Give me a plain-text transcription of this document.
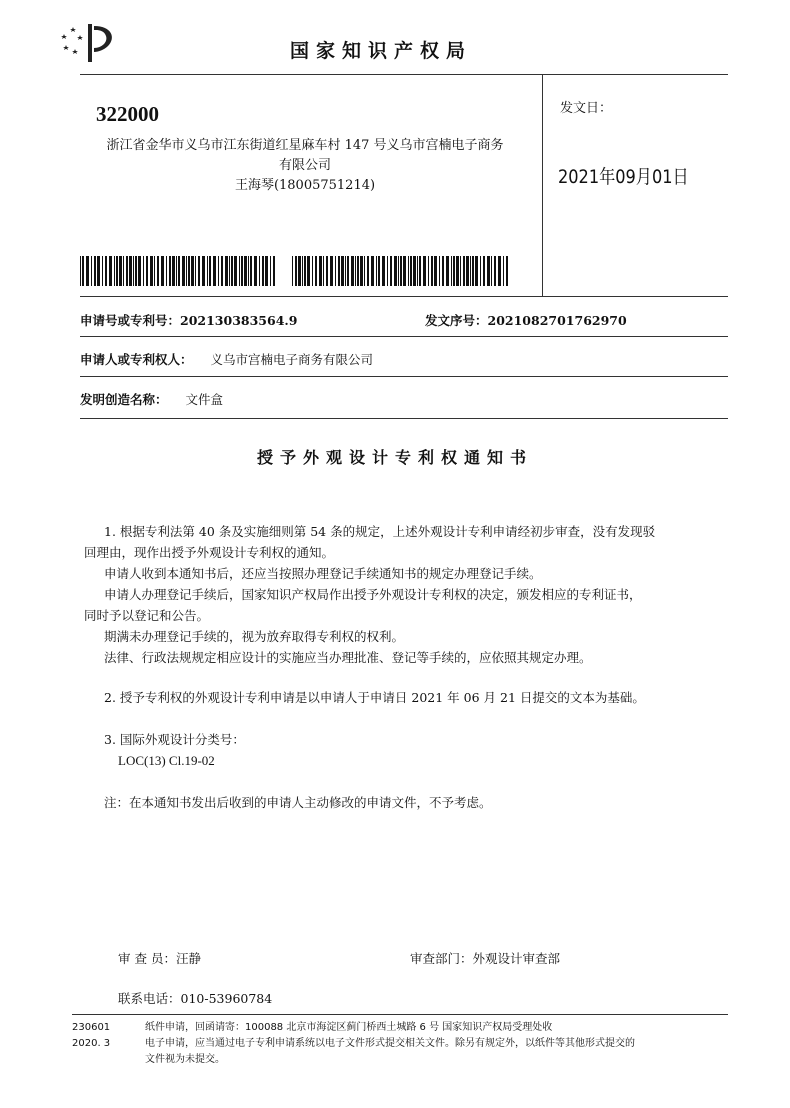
国家知识产权局
322000
浙江省金华市义乌市江东街道红星麻车村 147 号义乌市宫楠电子商务
有限公司
王海琴(18005751214)
发文日：
2021年09月01日
申请号或专利号：202130383564.9	发文序号：2021082701762970
申请人或专利权人： 义乌市宫楠电子商务有限公司
发明创造名称： 文件盒
授予外观设计专利权通知书
1. 根据专利法第 40 条及实施细则第 54 条的规定，上述外观设计专利申请经初步审查，没有发现驳
回理由，现作出授予外观设计专利权的通知。
申请人收到本通知书后，还应当按照办理登记手续通知书的规定办理登记手续。
申请人办理登记手续后，国家知识产权局作出授予外观设计专利权的决定，颁发相应的专利证书，
同时予以登记和公告。
期满未办理登记手续的，视为放弃取得专利权的权利。
法律、行政法规规定相应设计的实施应当办理批准、登记等手续的，应依照其规定办理。
2. 授予专利权的外观设计专利申请是以申请人于申请日 2021 年 06 月 21 日提交的文本为基础。
3. 国际外观设计分类号：
LOC(13) Cl.19-02
注：在本通知书发出后收到的申请人主动修改的申请文件，不予考虑。
审 查 员：汪静	审查部门：外观设计审查部
联系电话：010-53960784
230601
2020. 3
纸件申请，回函请寄：100088 北京市海淀区蓟门桥西土城路 6 号 国家知识产权局受理处收
电子申请，应当通过电子专利申请系统以电子文件形式提交相关文件。除另有规定外，以纸件等其他形式提交的
文件视为未提交。
